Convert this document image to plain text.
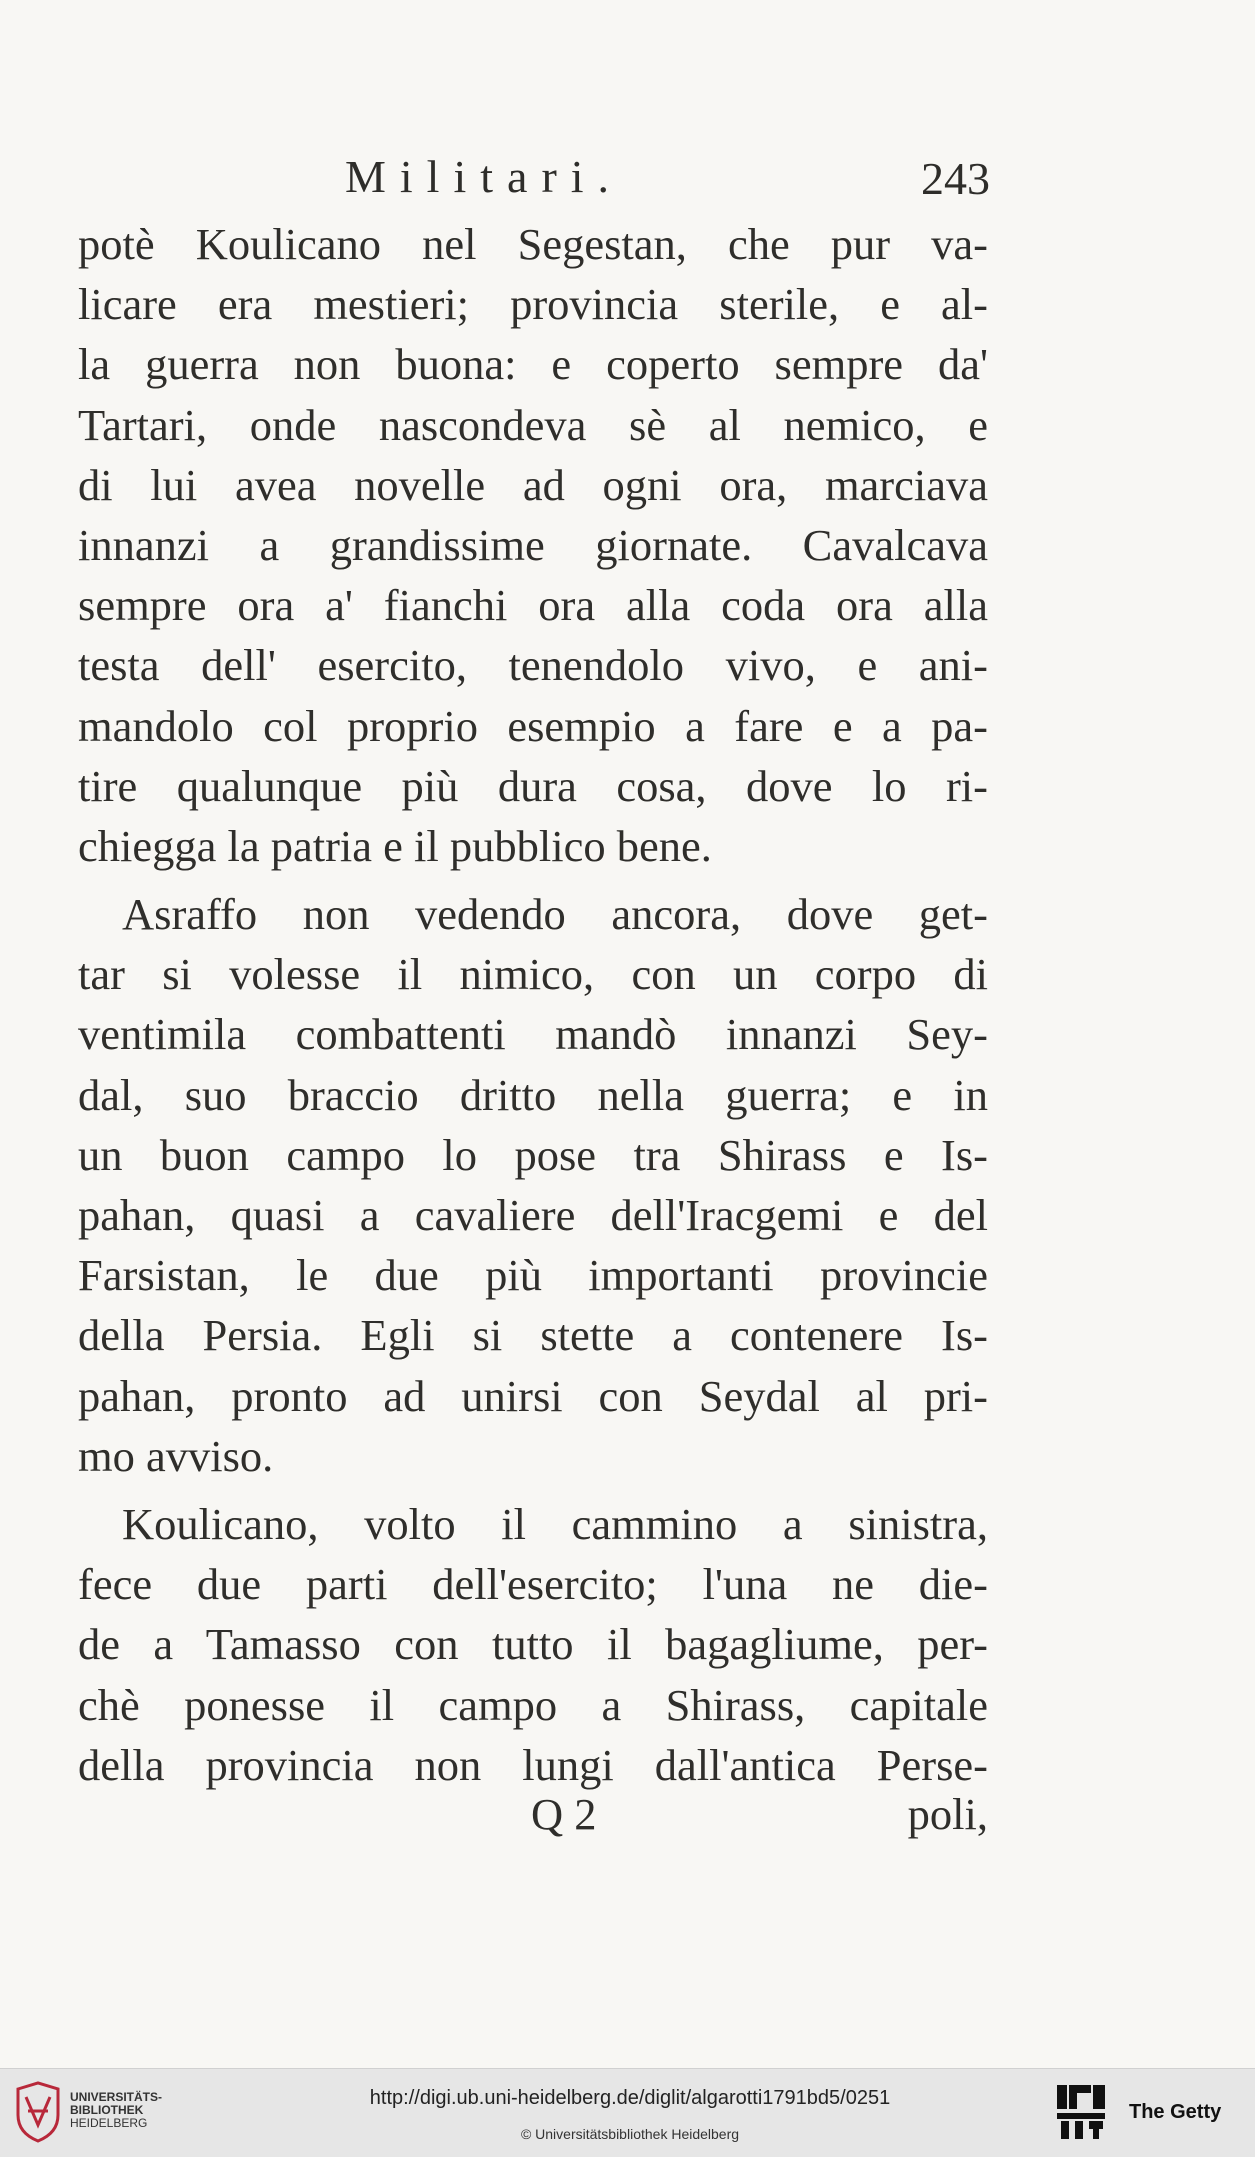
Militari.	243
potè Koulicano nel Segestan, che pur va-
licare era mestieri; provincia sterile, e al-
la guerra non buona: e coperto sempre da'
Tartari, onde nascondeva sè al nemico, e
di lui avea novelle ad ogni ora, marciava
innanzi a grandissime giornate. Cavalcava
sempre ora a' fianchi ora alla coda ora alla
testa dell' esercito, tenendolo vivo, e ani-
mandolo col proprio esempio a fare e a pa-
tire qualunque più dura cosa, dove lo ri-
chiegga la patria e il pubblico bene.
Asraffo non vedendo ancora, dove get-
tar si volesse il nimico, con un corpo di
ventimila combattenti mandò innanzi Sey-
dal, suo braccio dritto nella guerra; e in
un buon campo lo pose tra Shirass e Is-
pahan, quasi a cavaliere dell'Iracgemi e del
Farsistan, le due più importanti provincie
della Persia. Egli si stette a contenere Is-
pahan, pronto ad unirsi con Seydal al pri-
mo avviso.
Koulicano, volto il cammino a sinistra,
fece due parti dell'esercito; l'una ne die-
de a Tamasso con tutto il bagagliume, per-
chè ponesse il campo a Shirass, capitale
della provincia non lungi dall'antica Perse-
Q 2	poli,
UNIVERSITÄTS-
BIBLIOTHEK
HEIDELBERG
http://digi.ub.uni-heidelberg.de/diglit/algarotti1791bd5/0251
© Universitätsbibliothek Heidelberg
The Getty
